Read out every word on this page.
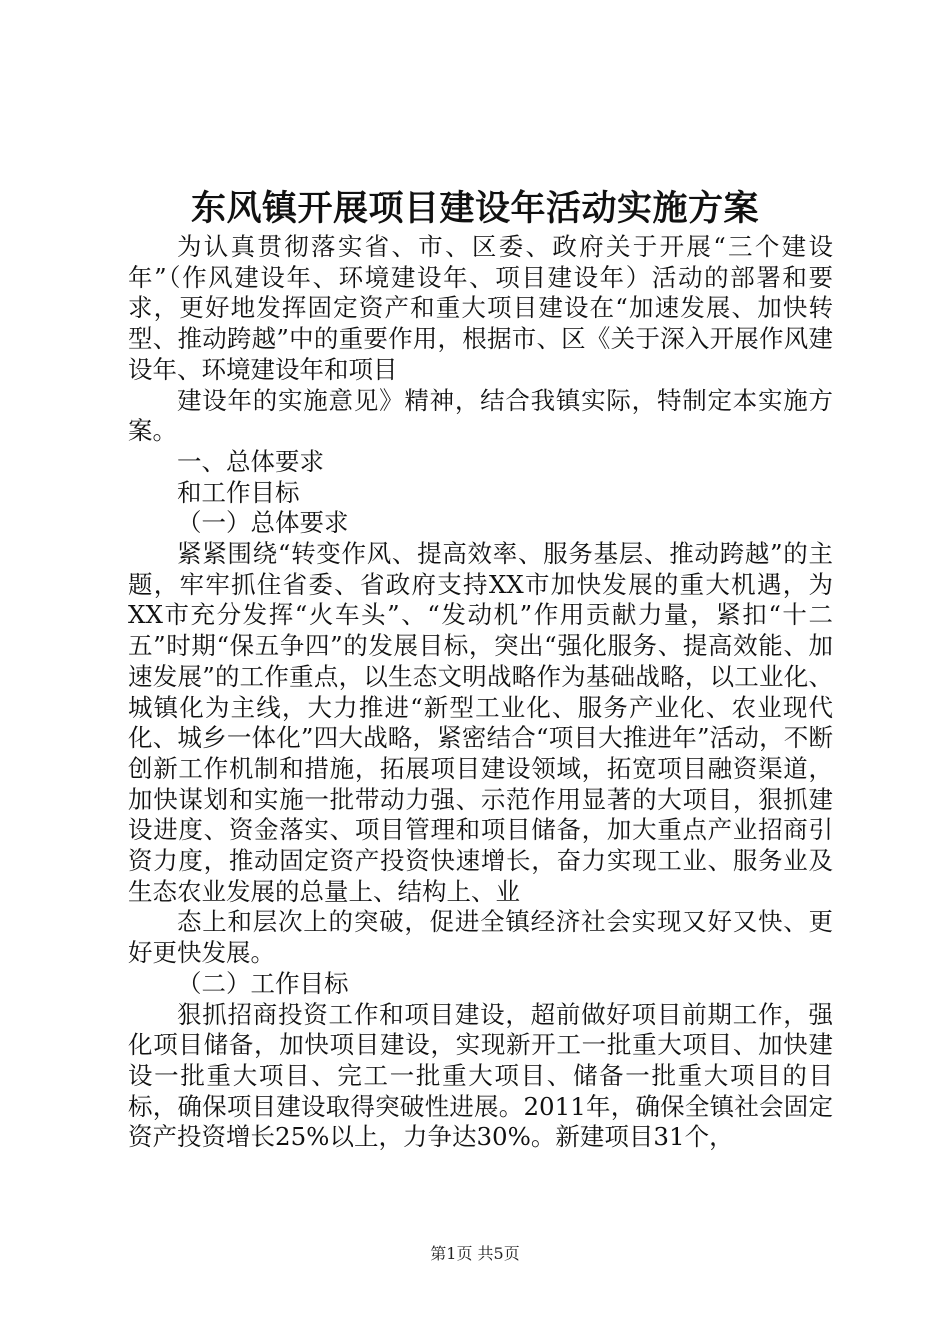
东风镇开展项目建设年活动实施方案

为认真贯彻落实省、市、区委、政府关于开展“三个建设年”（作风建设年、环境建设年、项目建设年）活动的部署和要求，更好地发挥固定资产和重大项目建设在“加速发展、加快转型、推动跨越”中的重要作用，根据市、区《关于深入开展作风建设年、环境建设年和项目

建设年的实施意见》精神，结合我镇实际，特制定本实施方案。

一、总体要求

和工作目标

（一）总体要求

紧紧围绕“转变作风、提高效率、服务基层、推动跨越”的主题，牢牢抓住省委、省政府支持XX市加快发展的重大机遇，为XX市充分发挥“火车头”、“发动机”作用贡献力量，紧扣“十二五”时期“保五争四”的发展目标，突出“强化服务、提高效能、加速发展”的工作重点，以生态文明战略作为基础战略，以工业化、城镇化为主线，大力推进“新型工业化、服务产业化、农业现代化、城乡一体化”四大战略，紧密结合“项目大推进年”活动，不断创新工作机制和措施，拓展项目建设领域，拓宽项目融资渠道，加快谋划和实施一批带动力强、示范作用显著的大项目，狠抓建设进度、资金落实、项目管理和项目储备，加大重点产业招商引资力度，推动固定资产投资快速增长，奋力实现工业、服务业及生态农业发展的总量上、结构上、业

态上和层次上的突破，促进全镇经济社会实现又好又快、更好更快发展。

（二）工作目标

狠抓招商投资工作和项目建设，超前做好项目前期工作，强化项目储备，加快项目建设，实现新开工一批重大项目、加快建设一批重大项目、完工一批重大项目、储备一批重大项目的目标，确保项目建设取得突破性进展。2011年，确保全镇社会固定资产投资增长25%以上，力争达30%。新建项目31个，

第1页 共5页
